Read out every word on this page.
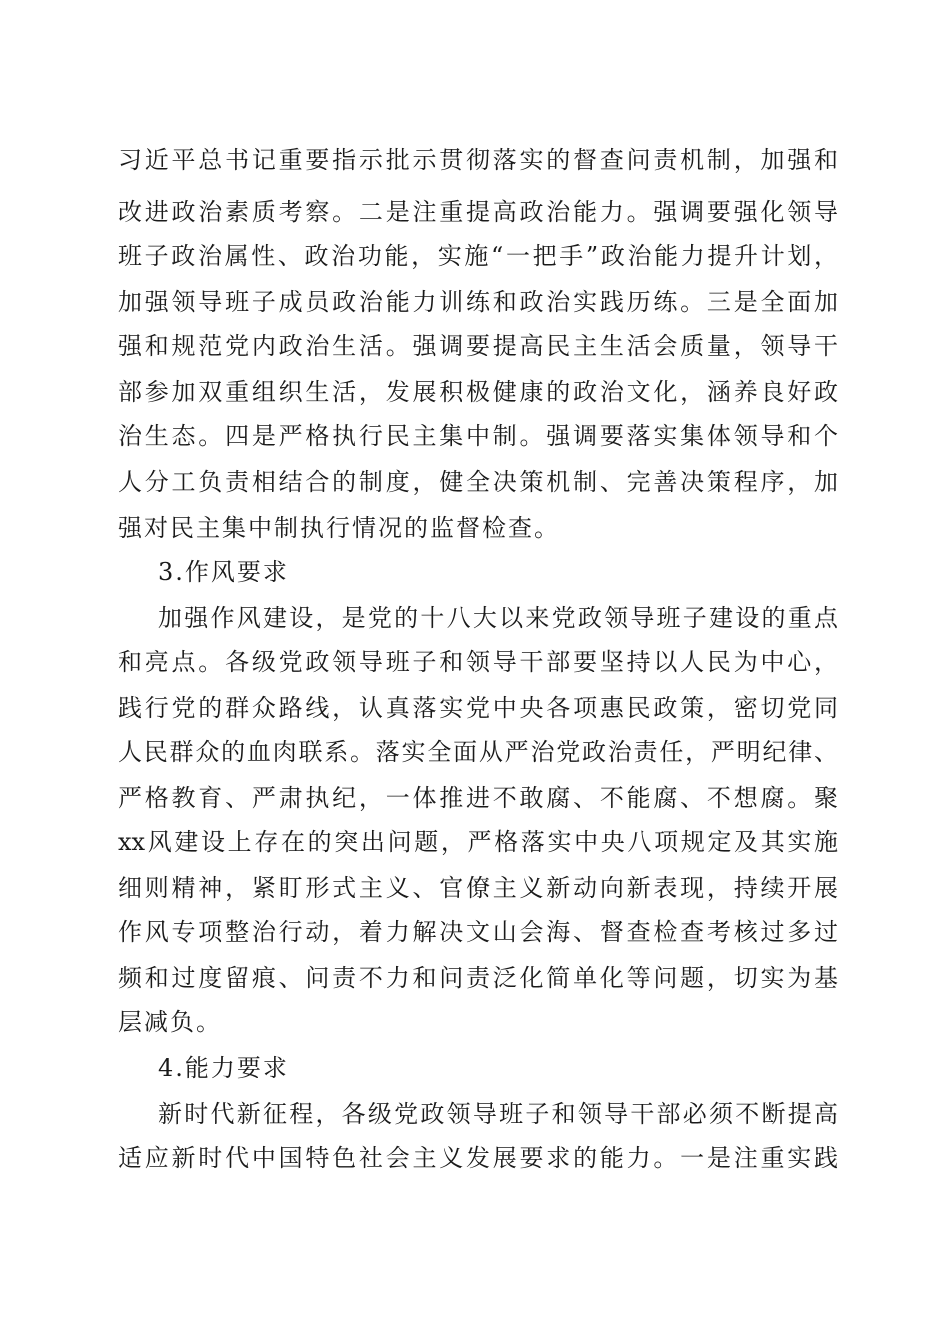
习近平总书记重要指示批示贯彻落实的督查问责机制，加强和
改进政治素质考察。二是注重提高政治能力。强调要强化领导
班子政治属性、政治功能，实施“一把手”政治能力提升计划，
加强领导班子成员政治能力训练和政治实践历练。三是全面加
强和规范党内政治生活。强调要提高民主生活会质量，领导干
部参加双重组织生活，发展积极健康的政治文化，涵养良好政
治生态。四是严格执行民主集中制。强调要落实集体领导和个
人分工负责相结合的制度，健全决策机制、完善决策程序，加
强对民主集中制执行情况的监督检查。
3.作风要求
加强作风建设，是党的十八大以来党政领导班子建设的重点
和亮点。各级党政领导班子和领导干部要坚持以人民为中心，
践行党的群众路线，认真落实党中央各项惠民政策，密切党同
人民群众的血肉联系。落实全面从严治党政治责任，严明纪律、
严格教育、严肃执纪，一体推进不敢腐、不能腐、不想腐。聚
xx风建设上存在的突出问题，严格落实中央八项规定及其实施
细则精神，紧盯形式主义、官僚主义新动向新表现，持续开展
作风专项整治行动，着力解决文山会海、督查检查考核过多过
频和过度留痕、问责不力和问责泛化简单化等问题，切实为基
层减负。
4.能力要求
新时代新征程，各级党政领导班子和领导干部必须不断提高
适应新时代中国特色社会主义发展要求的能力。一是注重实践
